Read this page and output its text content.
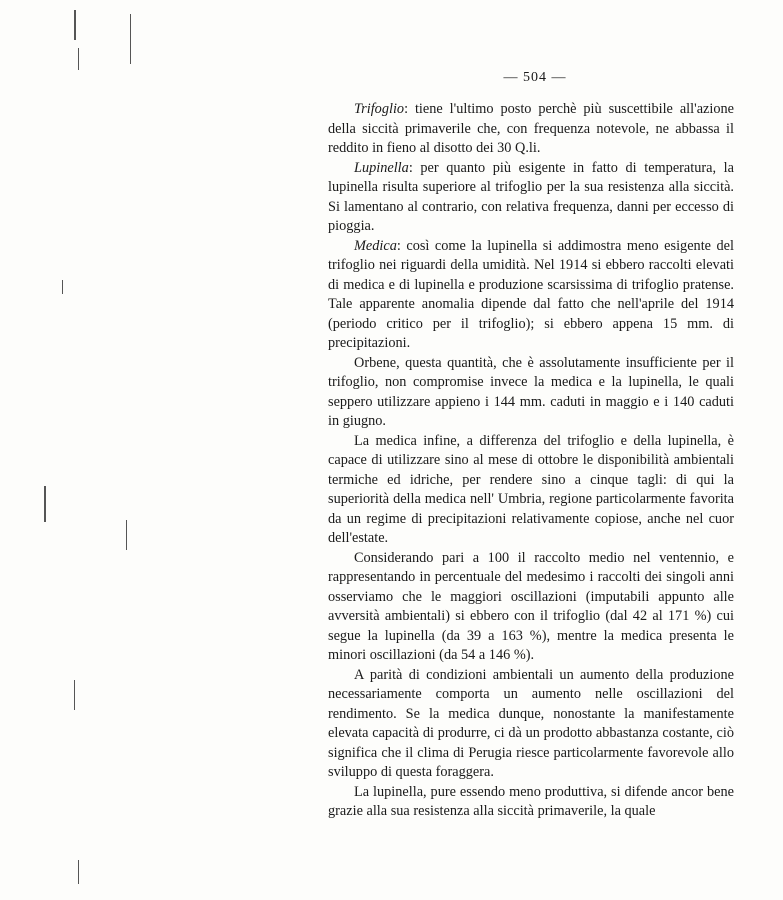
— 504 —

Trifoglio: tiene l'ultimo posto perchè più suscettibile all'azione della siccità primaverile che, con frequenza notevole, ne abbassa il reddito in fieno al disotto dei 30 Q.li.

Lupinella: per quanto più esigente in fatto di temperatura, la lupinella risulta superiore al trifoglio per la sua resistenza alla siccità. Si lamentano al contrario, con relativa frequenza, danni per eccesso di pioggia.

Medica: così come la lupinella si addimostra meno esigente del trifoglio nei riguardi della umidità. Nel 1914 si ebbero raccolti elevati di medica e di lupinella e produzione scarsissima di trifoglio pratense. Tale apparente anomalia dipende dal fatto che nell'aprile del 1914 (periodo critico per il trifoglio); si ebbero appena 15 mm. di precipitazioni.

Orbene, questa quantità, che è assolutamente insufficiente per il trifoglio, non compromise invece la medica e la lupinella, le quali seppero utilizzare appieno i 144 mm. caduti in maggio e i 140 caduti in giugno.

La medica infine, a differenza del trifoglio e della lupinella, è capace di utilizzare sino al mese di ottobre le disponibilità ambientali termiche ed idriche, per rendere sino a cinque tagli: di qui la superiorità della medica nell' Umbria, regione particolarmente favorita da un regime di precipitazioni relativamente copiose, anche nel cuor dell'estate.

Considerando pari a 100 il raccolto medio nel ventennio, e rappresentando in percentuale del medesimo i raccolti dei singoli anni osserviamo che le maggiori oscillazioni (imputabili appunto alle avversità ambientali) si ebbero con il trifoglio (dal 42 al 171 %) cui segue la lupinella (da 39 a 163 %), mentre la medica presenta le minori oscillazioni (da 54 a 146 %).

A parità di condizioni ambientali un aumento della produzione necessariamente comporta un aumento nelle oscillazioni del rendimento. Se la medica dunque, nonostante la manifestamente elevata capacità di produrre, ci dà un prodotto abbastanza costante, ciò significa che il clima di Perugia riesce particolarmente favorevole allo sviluppo di questa foraggera.

La lupinella, pure essendo meno produttiva, si difende ancor bene grazie alla sua resistenza alla siccità primaverile, la quale
